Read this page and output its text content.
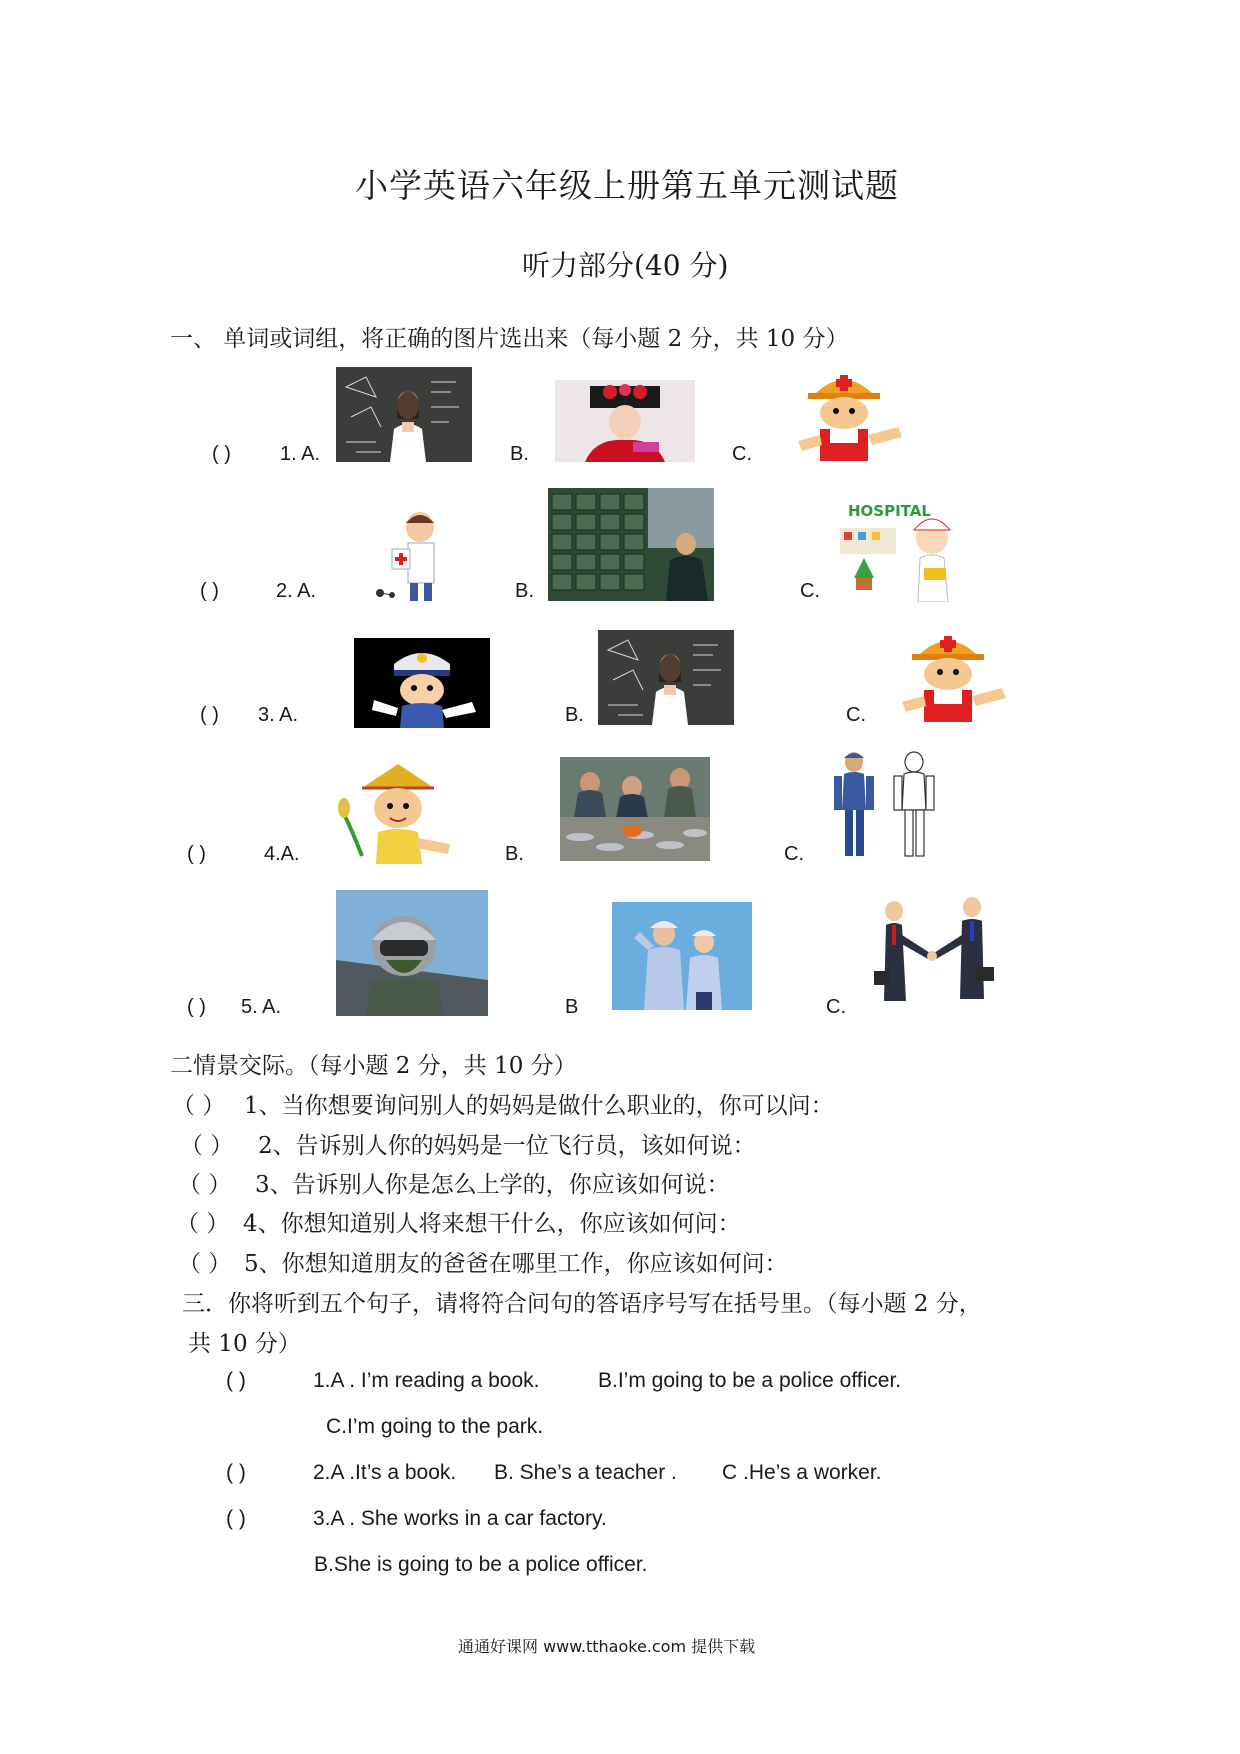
小学英语六年级上册第五单元测试题
听力部分(40 分)
一、 单词或词组，将正确的图片选出来（每小题 2 分，共 10 分）
( ) 1. A.	B.	C.
( )	2. A.	B.	C.
HOSPITAL
( ) 3. A.	B.	C.
( )	4.A.	B.	C.
( ) 5. A.	B	C.
二情景交际。（每小题 2 分，共 10 分）
（ ） 1、当你想要询问别人的妈妈是做什么职业的，你可以问：
（ ） 2、告诉别人你的妈妈是一位飞行员，该如何说：
（ ） 3、告诉别人你是怎么上学的，你应该如何说：
（ ） 4、你想知道别人将来想干什么，你应该如何问：
（ ） 5、你想知道朋友的爸爸在哪里工作，你应该如何问：
三．你将听到五个句子，请将符合问句的答语序号写在括号里。（每小题 2 分，
共 10 分）
( )	1.A . I’m reading a book.	B.I’m going to be a police officer.
C.I’m going to the park.
( )	2.A .It’s a book. B. She’s a teacher . C .He’s a worker.
( )	3.A . She works in a car factory.
B.She is going to be a police officer.
通通好课网 www.tthaoke.com 提供下载
